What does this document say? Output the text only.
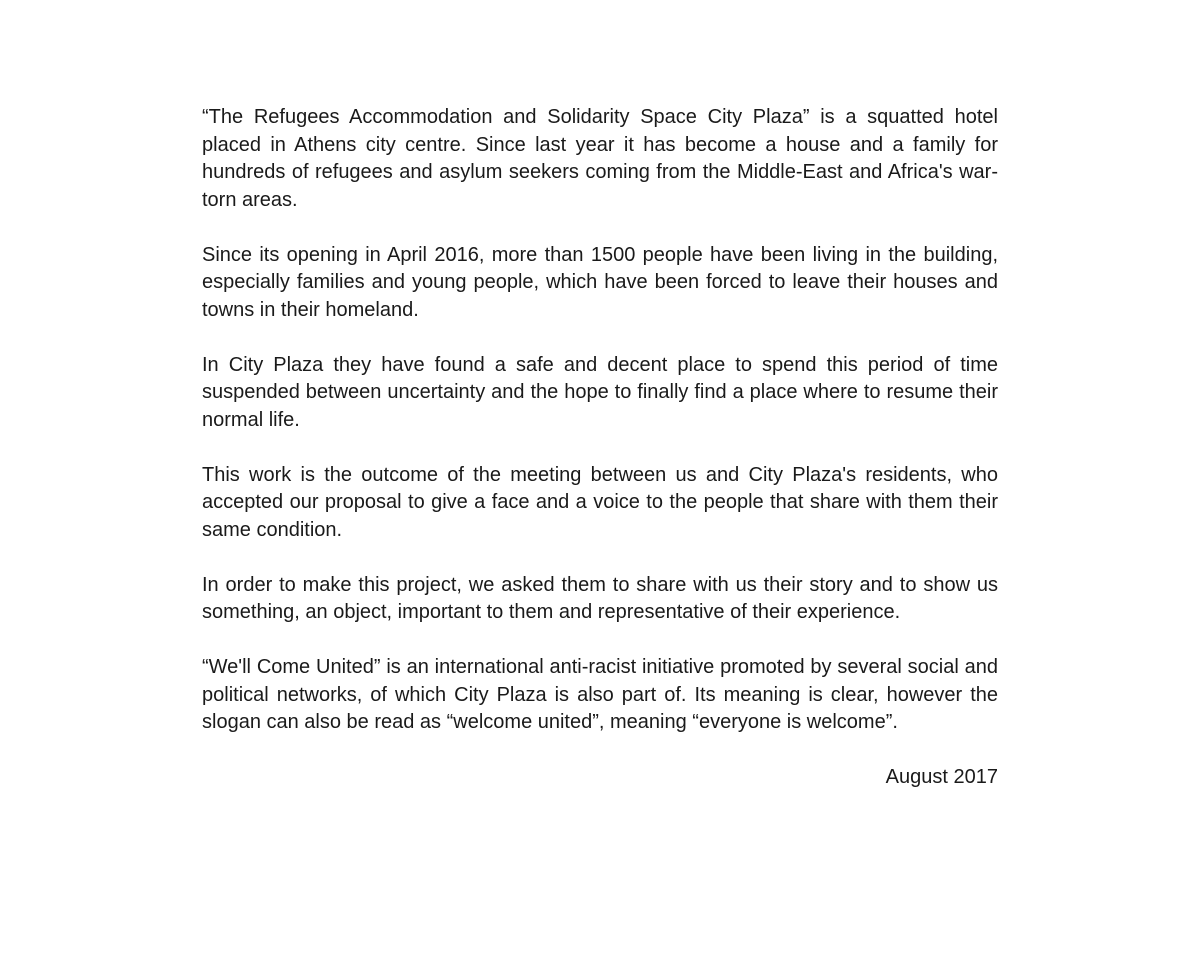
“The Refugees Accommodation and Solidarity Space City Plaza” is a squatted hotel placed in Athens city centre. Since last year it has become a house and a family for hundreds of refugees and asylum seekers coming from the Middle-East and Africa's war-torn areas.

Since its opening in April 2016, more than 1500 people have been living in the building, especially families and young people, which have been forced to leave their houses and towns in their homeland.

In City Plaza they have found a safe and decent place to spend this period of time suspended between uncertainty and the hope to finally find a place where to resume their normal life.

This work is the outcome of the meeting between us and City Plaza's residents, who accepted our proposal to give a face and a voice to the people that share with them their same condition.

In order to make this project, we asked them to share with us their story and to show us something, an object, important to them and representative of their experience.

“We'll Come United” is an international anti-racist initiative promoted by several social and political networks, of which City Plaza is also part of. Its meaning is clear, however the slogan can also be read as “welcome united”, meaning “everyone is welcome”.

August 2017
